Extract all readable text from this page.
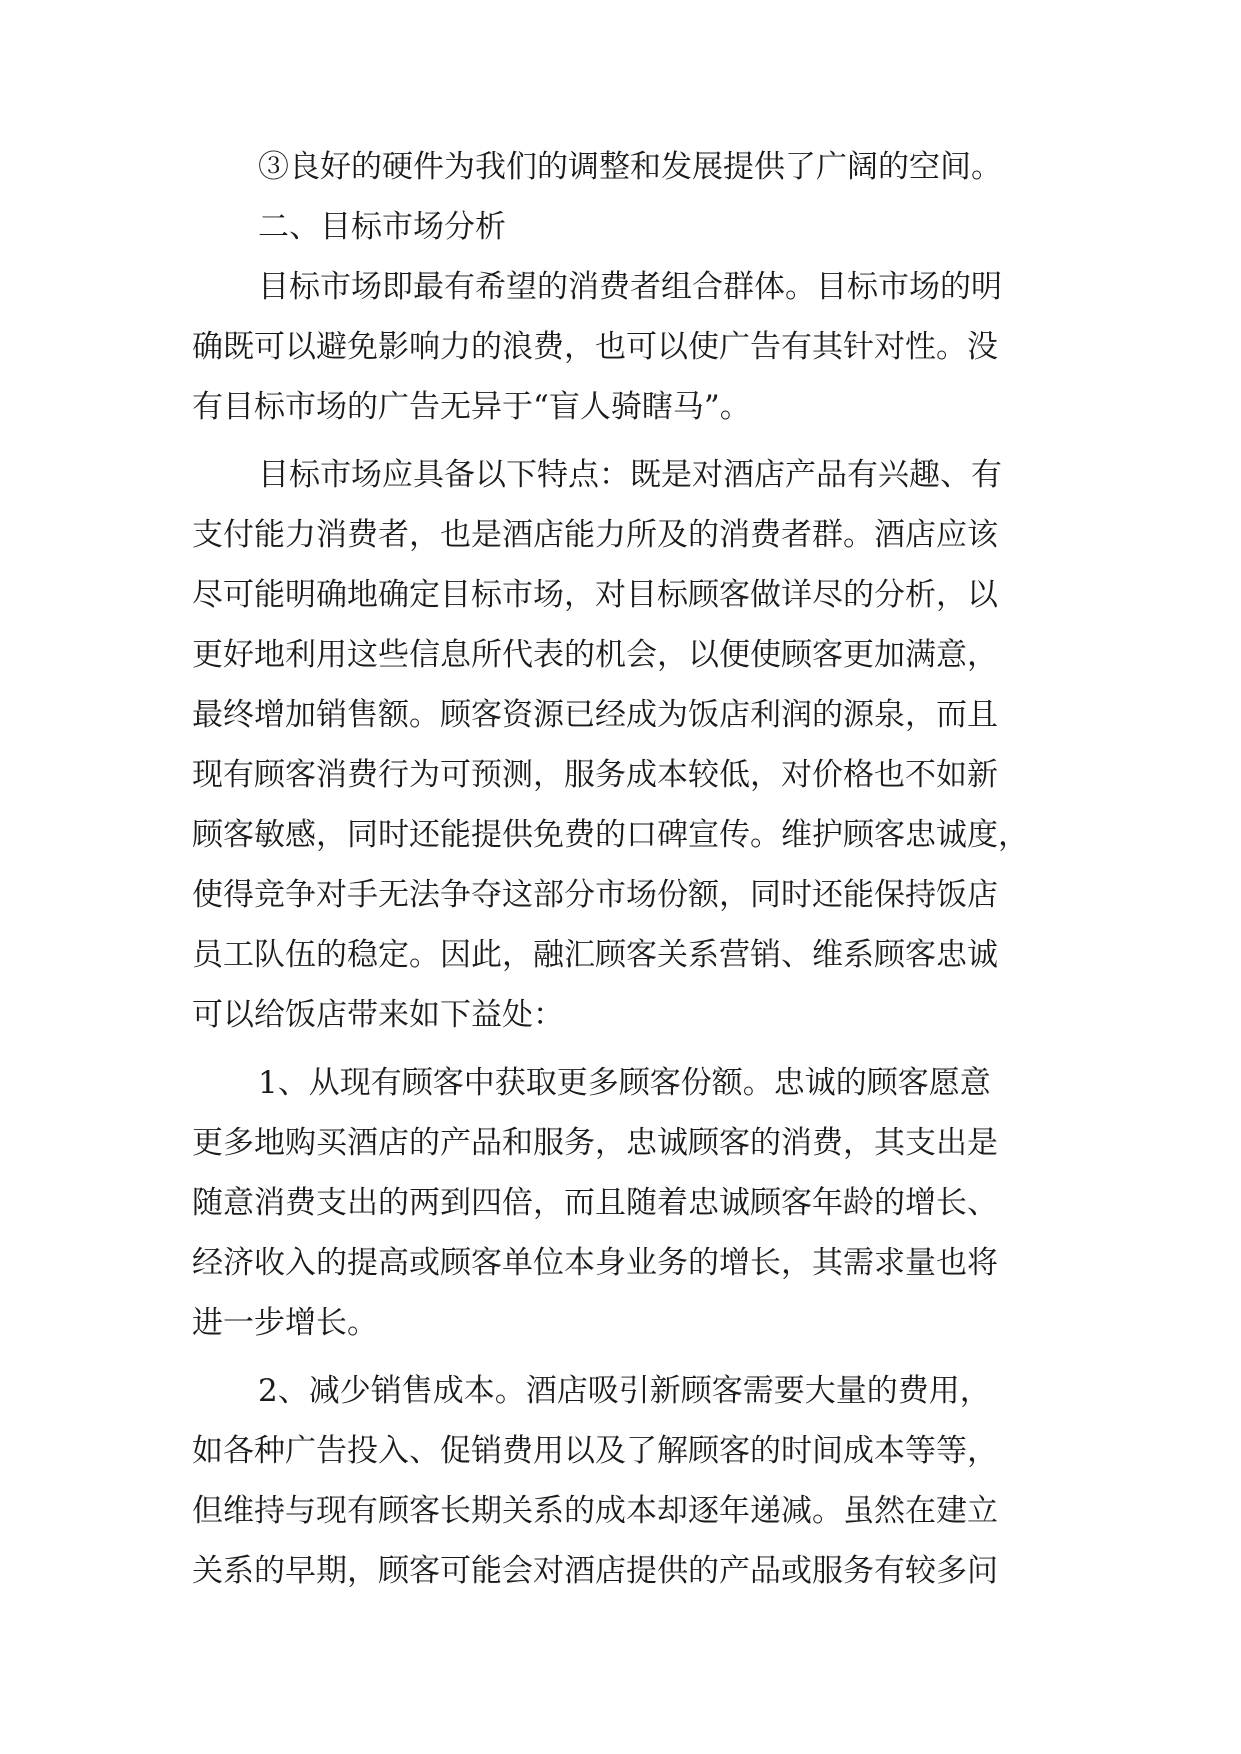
③良好的硬件为我们的调整和发展提供了广阔的空间。
二、目标市场分析
目标市场即最有希望的消费者组合群体。目标市场的明
确既可以避免影响力的浪费，也可以使广告有其针对性。没
有目标市场的广告无异于“盲人骑瞎马”。
目标市场应具备以下特点：既是对酒店产品有兴趣、有
支付能力消费者，也是酒店能力所及的消费者群。酒店应该
尽可能明确地确定目标市场，对目标顾客做详尽的分析，以
更好地利用这些信息所代表的机会，以便使顾客更加满意，
最终增加销售额。顾客资源已经成为饭店利润的源泉，而且
现有顾客消费行为可预测，服务成本较低，对价格也不如新
顾客敏感，同时还能提供免费的口碑宣传。维护顾客忠诚度，
使得竞争对手无法争夺这部分市场份额，同时还能保持饭店
员工队伍的稳定。因此，融汇顾客关系营销、维系顾客忠诚
可以给饭店带来如下益处：
1、从现有顾客中获取更多顾客份额。忠诚的顾客愿意
更多地购买酒店的产品和服务，忠诚顾客的消费，其支出是
随意消费支出的两到四倍，而且随着忠诚顾客年龄的增长、
经济收入的提高或顾客单位本身业务的增长，其需求量也将
进一步增长。
2、减少销售成本。酒店吸引新顾客需要大量的费用，
如各种广告投入、促销费用以及了解顾客的时间成本等等，
但维持与现有顾客长期关系的成本却逐年递减。虽然在建立
关系的早期，顾客可能会对酒店提供的产品或服务有较多问
